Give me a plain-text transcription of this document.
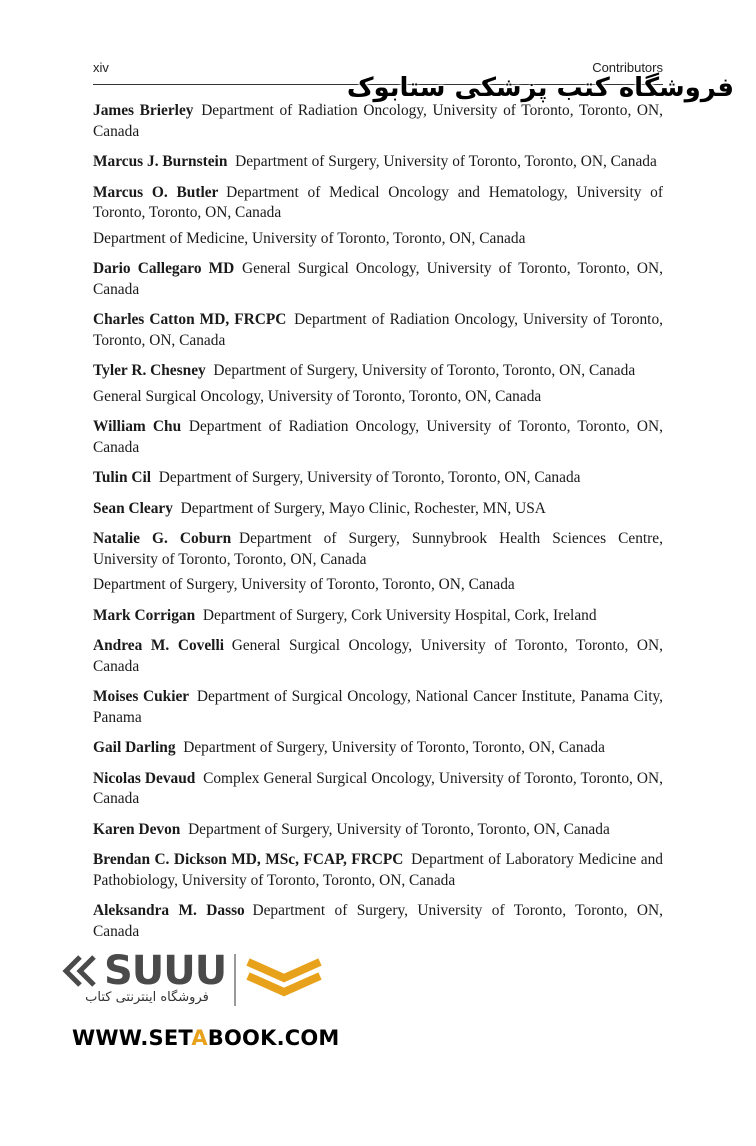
xiv	Contributors
فروشگاه کتب پزشکی ستابوک

James Brierley  Department of Radiation Oncology, University of Toronto, Toronto, ON, Canada

Marcus J. Burnstein  Department of Surgery, University of Toronto, Toronto, ON, Canada

Marcus O. Butler  Department of Medical Oncology and Hematology, University of Toronto, Toronto, ON, Canada

Department of Medicine, University of Toronto, Toronto, ON, Canada

Dario Callegaro MD  General Surgical Oncology, University of Toronto, Toronto, ON, Canada

Charles Catton MD, FRCPC  Department of Radiation Oncology, University of Toronto, Toronto, ON, Canada

Tyler R. Chesney  Department of Surgery, University of Toronto, Toronto, ON, Canada

General Surgical Oncology, University of Toronto, Toronto, ON, Canada

William Chu  Department of Radiation Oncology, University of Toronto, Toronto, ON, Canada

Tulin Cil  Department of Surgery, University of Toronto, Toronto, ON, Canada

Sean Cleary  Department of Surgery, Mayo Clinic, Rochester, MN, USA

Natalie G. Coburn  Department of Surgery, Sunnybrook Health Sciences Centre, University of Toronto, Toronto, ON, Canada

Department of Surgery, University of Toronto, Toronto, ON, Canada

Mark Corrigan  Department of Surgery, Cork University Hospital, Cork, Ireland

Andrea M. Covelli  General Surgical Oncology, University of Toronto, Toronto, ON, Canada

Moises Cukier  Department of Surgical Oncology, National Cancer Institute, Panama City, Panama

Gail Darling  Department of Surgery, University of Toronto, Toronto, ON, Canada

Nicolas Devaud  Complex General Surgical Oncology, University of Toronto, Toronto, ON, Canada

Karen Devon  Department of Surgery, University of Toronto, Toronto, ON, Canada

Brendan C. Dickson MD, MSc, FCAP, FRCPC  Department of Laboratory Medicine and Pathobiology, University of Toronto, Toronto, ON, Canada

Aleksandra M. Dasso  Department of Surgery, University of Toronto, Toronto, ON, Canada

SUUU
فروشگاه اینترنتی کتاب
WWW.SETABOOK.COM
